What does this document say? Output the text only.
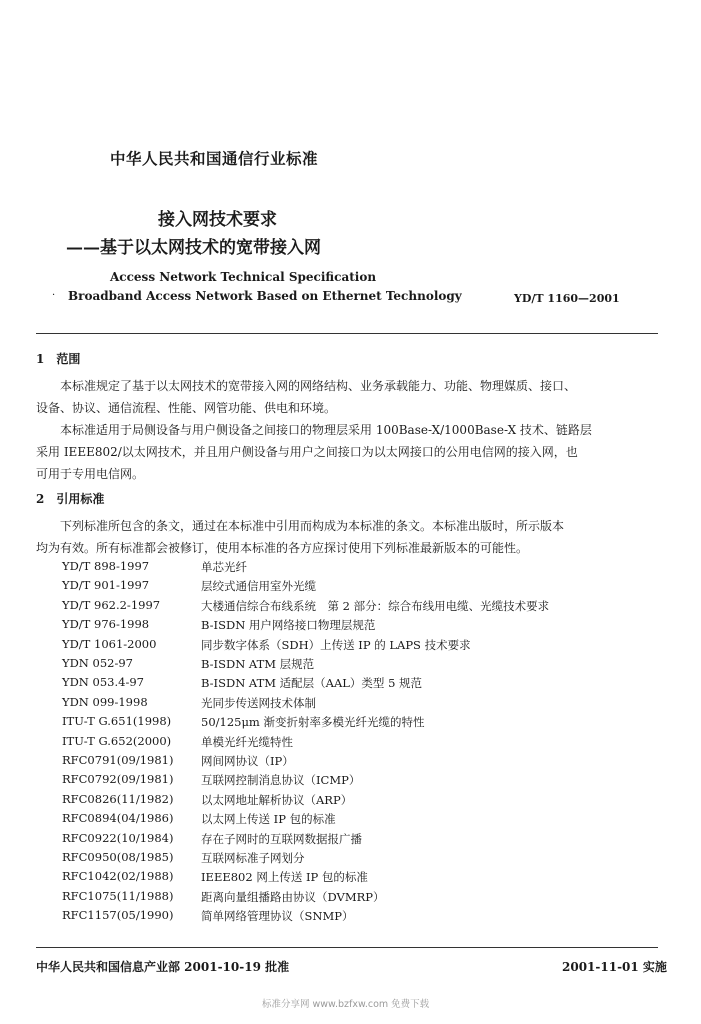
中华人民共和国通信行业标准
接入网技术要求
——基于以太网技术的宽带接入网
Access Network Technical Specification
· Broadband Access Network Based on Ethernet Technology	YD/T 1160—2001
1　范围
　　本标准规定了基于以太网技术的宽带接入网的网络结构、业务承载能力、功能、物理媒质、接口、
设备、协议、通信流程、性能、网管功能、供电和环境。
　　本标准适用于局侧设备与用户侧设备之间接口的物理层采用 100Base-X/1000Base-X 技术、链路层
采用 IEEE802/以太网技术，并且用户侧设备与用户之间接口为以太网接口的公用电信网的接入网，也
可用于专用电信网。
2　引用标准
　　下列标准所包含的条文，通过在本标准中引用而构成为本标准的条文。本标准出版时，所示版本
均为有效。所有标准都会被修订，使用本标准的各方应探讨使用下列标准最新版本的可能性。
YD/T 898-1997	单芯光纤
YD/T 901-1997	层绞式通信用室外光缆
YD/T 962.2-1997	大楼通信综合布线系统　第 2 部分：综合布线用电缆、光缆技术要求
YD/T 976-1998	B-ISDN 用户网络接口物理层规范
YD/T 1061-2000	同步数字体系（SDH）上传送 IP 的 LAPS 技术要求
YDN 052-97	B-ISDN ATM 层规范
YDN 053.4-97	B-ISDN ATM 适配层（AAL）类型 5 规范
YDN 099-1998	光同步传送网技术体制
ITU-T G.651(1998)	50/125μm 渐变折射率多模光纤光缆的特性
ITU-T G.652(2000)	单模光纤光缆特性
RFC0791(09/1981) 网间网协议（IP）
RFC0792(09/1981) 互联网控制消息协议（ICMP）
RFC0826(11/1982) 以太网地址解析协议（ARP）
RFC0894(04/1986) 以太网上传送 IP 包的标准
RFC0922(10/1984) 存在子网时的互联网数据报广播
RFC0950(08/1985) 互联网标准子网划分
RFC1042(02/1988) IEEE802 网上传送 IP 包的标准
RFC1075(11/1988) 距离向量组播路由协议（DVMRP）
RFC1157(05/1990) 简单网络管理协议（SNMP）
中华人民共和国信息产业部 2001-10-19 批准	2001-11-01 实施
标准分享网 www.bzfxw.com 免费下载
